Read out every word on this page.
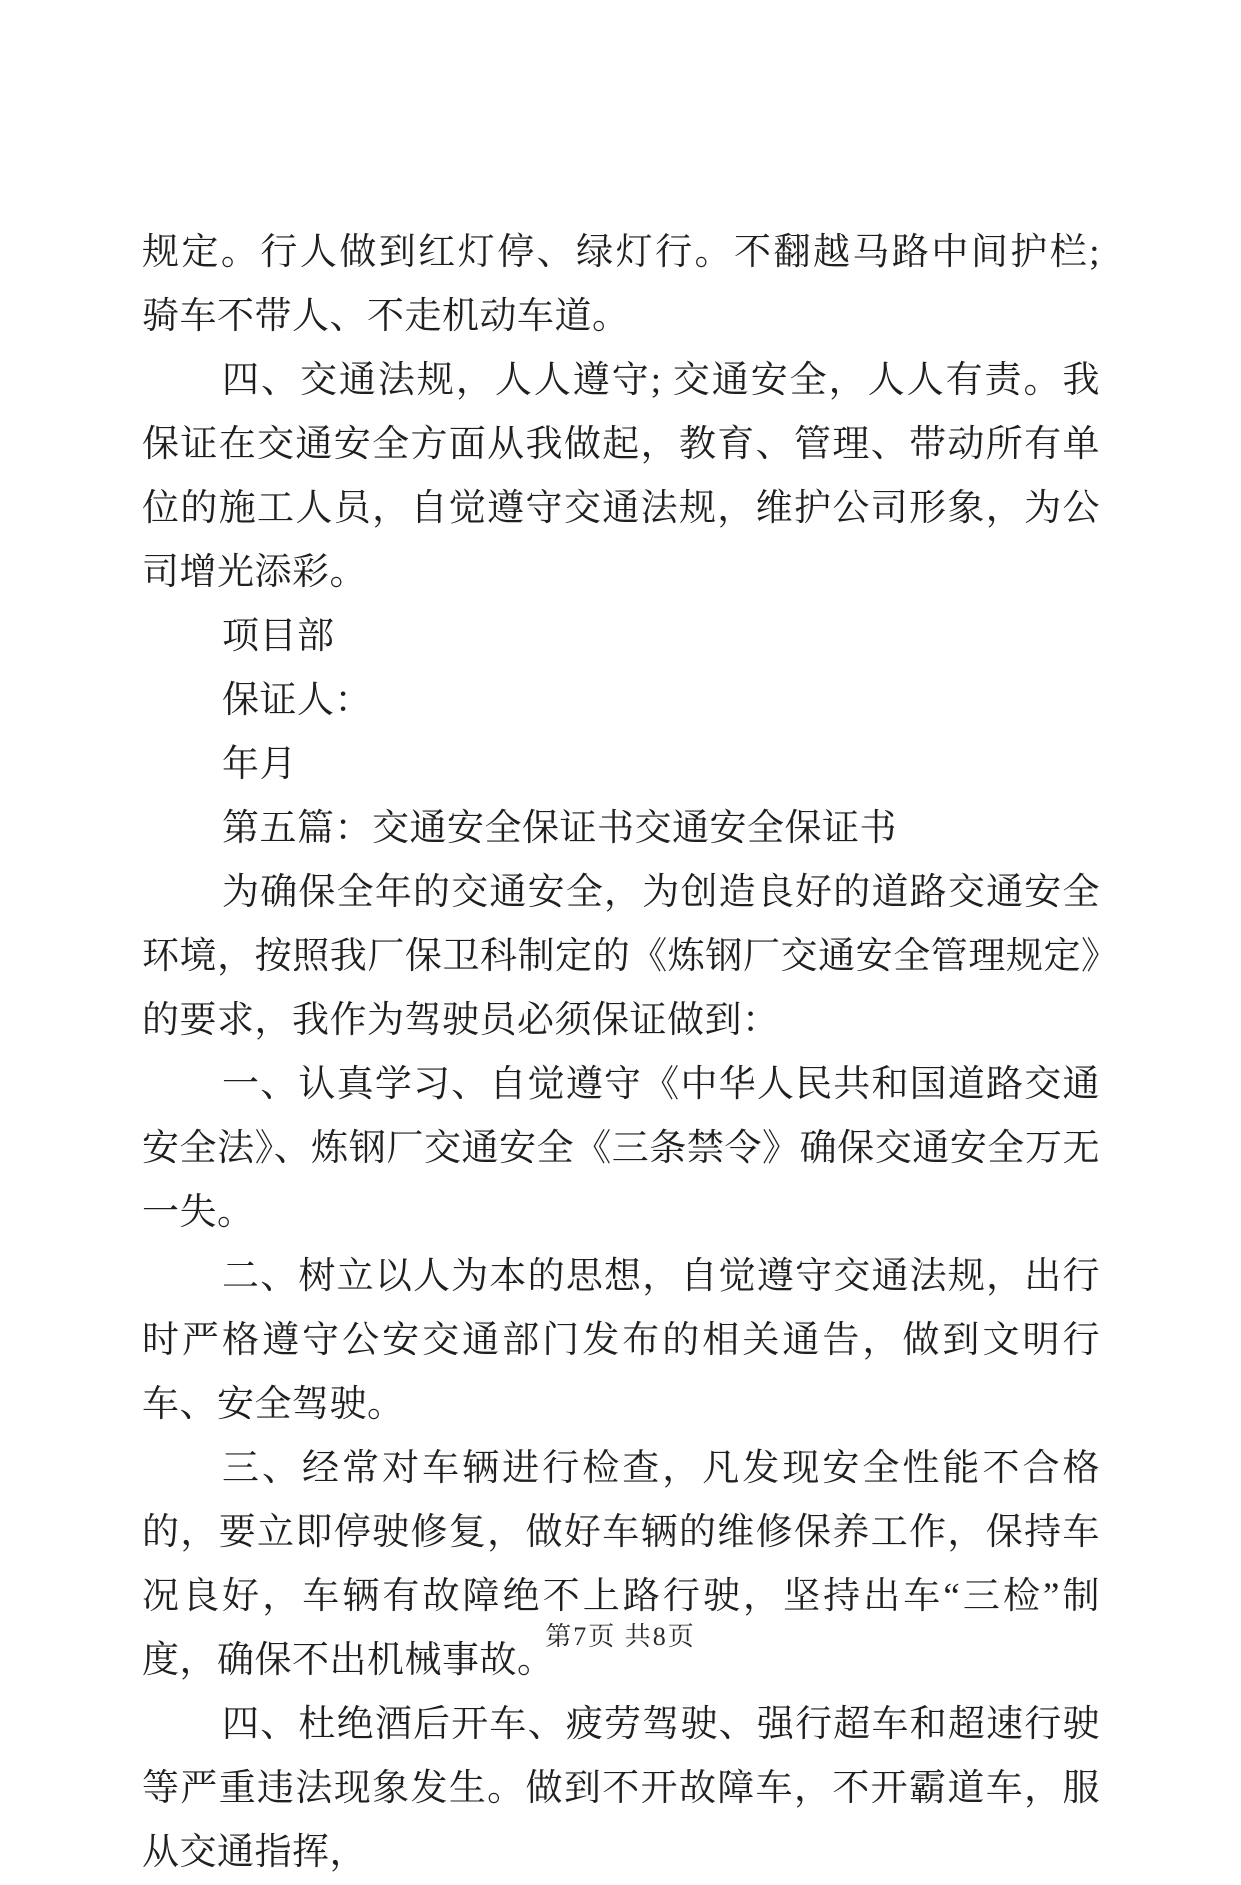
规定。行人做到红灯停、绿灯行。不翻越马路中间护栏; 骑车不带人、不走机动车道。

四、交通法规，人人遵守; 交通安全，人人有责。我保证在交通安全方面从我做起，教育、管理、带动所有单位的施工人员，自觉遵守交通法规，维护公司形象，为公司增光添彩。

项目部

保证人：

年月

第五篇：交通安全保证书交通安全保证书

为确保全年的交通安全，为创造良好的道路交通安全环境，按照我厂保卫科制定的《炼钢厂交通安全管理规定》的要求，我作为驾驶员必须保证做到：

一、认真学习、自觉遵守《中华人民共和国道路交通安全法》、炼钢厂交通安全《三条禁令》确保交通安全万无一失。

二、树立以人为本的思想，自觉遵守交通法规，出行时严格遵守公安交通部门发布的相关通告，做到文明行车、安全驾驶。

三、经常对车辆进行检查，凡发现安全性能不合格的，要立即停驶修复，做好车辆的维修保养工作，保持车况良好，车辆有故障绝不上路行驶，坚持出车“三检”制度，确保不出机械事故。

四、杜绝酒后开车、疲劳驾驶、强行超车和超速行驶等严重违法现象发生。做到不开故障车，不开霸道车，服从交通指挥，

第7页 共8页
